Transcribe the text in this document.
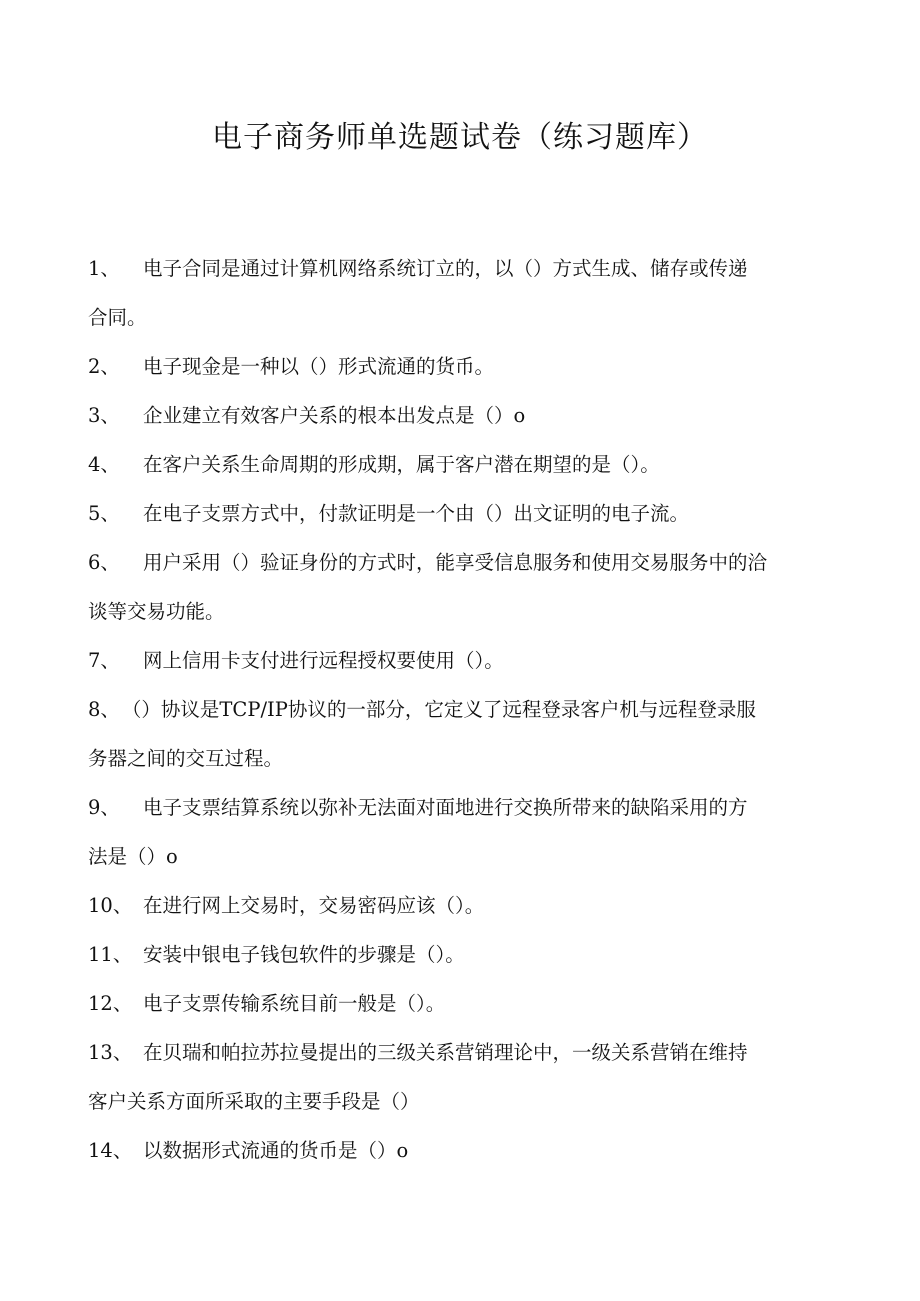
电子商务师单选题试卷（练习题库）
1、 电子合同是通过计算机网络系统订立的，以（）方式生成、储存或传递
合同。
2、 电子现金是一种以（）形式流通的货币。
3、 企业建立有效客户关系的根本出发点是（）o
4、 在客户关系生命周期的形成期，属于客户潜在期望的是（）。
5、 在电子支票方式中，付款证明是一个由（）出文证明的电子流。
6、 用户采用（）验证身份的方式时，能享受信息服务和使用交易服务中的洽
谈等交易功能。
7、 网上信用卡支付进行远程授权要使用（）。
8、 （）协议是TCP/IP协议的一部分，它定义了远程登录客户机与远程登录服
务器之间的交互过程。
9、 电子支票结算系统以弥补无法面对面地进行交换所带来的缺陷采用的方
法是（）o
10、 在进行网上交易时，交易密码应该（）。
11、 安装中银电子钱包软件的步骤是（）。
12、 电子支票传输系统目前一般是（）。
13、 在贝瑞和帕拉苏拉曼提出的三级关系营销理论中，一级关系营销在维持
客户关系方面所采取的主要手段是（）
14、 以数据形式流通的货币是（）o
